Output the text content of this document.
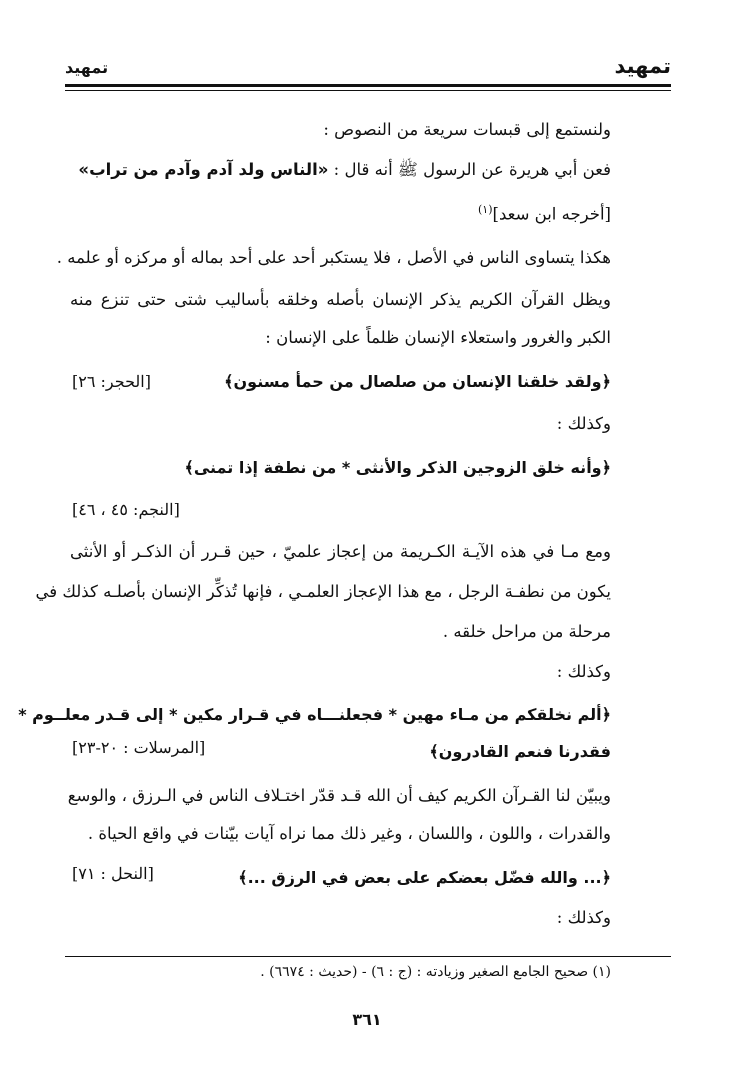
تمهيد
تمهيد
ولنستمع إلى قبسات سريعة من النصوص :
فعن أبي هريرة عن الرسول ﷺ أنه قال : «الناس ولد آدم وآدم من تراب»
[أخرجه ابن سعد]$^{(١)}$
هكذا يتساوى الناس في الأصل ، فلا يستكبر أحد على أحد بماله أو مركزه أو علمه .
ويظل القرآن الكريم يذكر الإنسان بأصله وخلقه بأساليب شتى حتى تنزع منه
الكبر والغرور واستعلاء الإنسان ظلماً على الإنسان :
﴿ولقد خلقنا الإنسان من صلصال من حمأ مسنون﴾
[الحجر: ٢٦]
وكذلك :
﴿وأنه خلق الزوجين الذكر والأنثى * من نطفة إذا تمنى﴾
[النجم: ٤٥ ، ٤٦]
ومع مـا في هذه الآيـة الكـريمة من إعجاز علميّ ، حين قـرر أن الذكـر أو الأنثى
يكون من نطفـة الرجل ، مع هذا الإعجاز العلمـي ، فإنها تُذكِّر الإنسان بأصلـه كذلك في
مرحلة من مراحل خلقه .
وكذلك :
﴿ألم نخلقكم من مـاء مهين * فجعلنـــاه في قـرار مكين * إلى قـدر معلــوم *
فقدرنا فنعم القادرون﴾
[المرسلات : ٢٠-٢٣]
ويبيّن لنا القـرآن الكريم كيف أن الله قـد قدّر اختـلاف الناس في الـرزق ، والوسع
والقدرات ، واللون ، واللسان ، وغير ذلك مما نراه آيات بيّنات في واقع الحياة .
﴿... والله فضّل بعضكم على بعض في الرزق ...﴾
[النحل : ٧١]
وكذلك :
(١) صحيح الجامع الصغير وزيادته : (ج : ٦) - (حديث : ٦٦٧٤) .
٣٦١
